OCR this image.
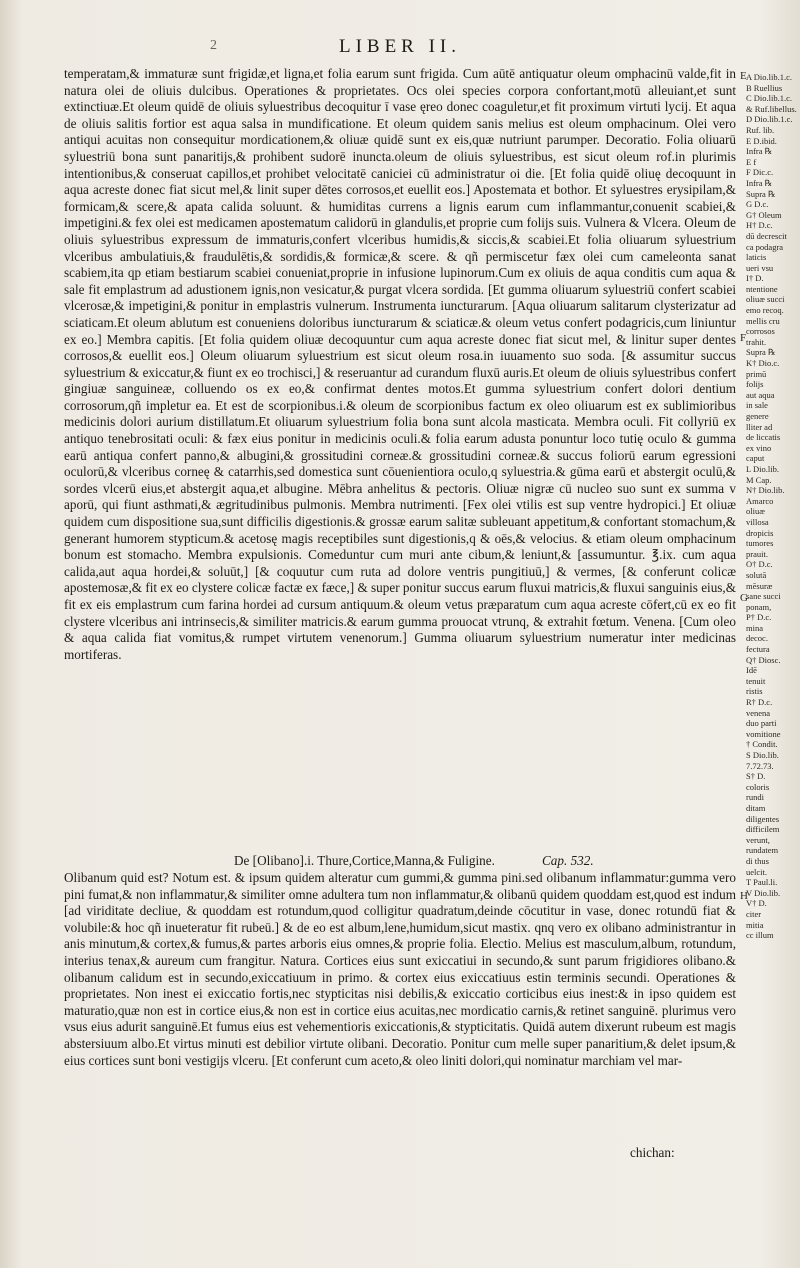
2	LIBER II.

temperatam,& immaturæ sunt frigidæ,et ligna,et folia earum sunt frigida. Cum aūtē antiquatur oleum omphacinū valde,fit in natura olei de oliuis dulcibus. Operationes & proprietates. Ocs olei species corpora confortant,motū alleuiant,et sunt extinctiuæ.Et oleum quidē de oliuis syluestribus decoquitur ī vase ęreo donec coaguletur,et fit proximum virtuti lycij. Et aqua de oliuis salitis fortior est aqua salsa in mundificatione. Et oleum quidem sanis melius est oleum omphacinum. Olei vero antiqui acuitas non consequitur mordicationem,& oliuæ quidē sunt ex eis,quæ nutriunt parumper. Decoratio. Folia oliuarū syluestriū bona sunt panaritijs,& prohibent sudorē inuncta.oleum de oliuis syluestribus, est sicut oleum rof.in plurimis intentionibus,& conseruat capillos,et prohibet velocitatē caniciei cū administratur oi die. [Et folia quidē oliuę decoquunt in aqua acreste donec fiat sicut mel,& linit super dētes corrosos,et euellit eos.] Apostemata et bothor. Et syluestres erysipilam,& formicam,& scere,& apata calida soluunt. & humiditas currens a lignis earum cum inflammantur,conuenit scabiei,& impetigini.& fex olei est medicamen apostematum calidorū in glandulis,et proprie cum folijs suis. Vulnera & Vlcera. Oleum de oliuis syluestribus expressum de immaturis,confert vlceribus humidis,& siccis,& scabiei.Et folia oliuarum syluestrium vlceribus ambulatiuis,& fraudulētis,& sordidis,& formicæ,& scere. & qñ permiscetur fæx olei cum cameleonta sanat scabiem,ita qp etiam bestiarum scabiei conueniat,proprie in infusione lupinorum.Cum ex oliuis de aqua conditis cum aqua & sale fit emplastrum ad adustionem ignis,non vesicatur,& purgat vlcera sordida. [Et gumma oliuarum syluestriū confert scabiei vlcerosæ,& impetigini,& ponitur in emplastris vulnerum. Instrumenta iuncturarum. [Aqua oliuarum salitarum clysterizatur ad sciaticam.Et oleum ablutum est conueniens doloribus iuncturarum & sciaticæ.& oleum vetus confert podagricis,cum liniuntur ex eo.] Membra capitis. [Et folia quidem oliuæ decoquuntur cum aqua acreste donec fiat sicut mel, & linitur super dentes corrosos,& euellit eos.] Oleum oliuarum syluestrium est sicut oleum rosa.in iuuamento suo soda. [& assumitur succus syluestrium & exiccatur,& fiunt ex eo trochisci,] & reseruantur ad curandum fluxū auris.Et oleum de oliuis syluestribus confert gingiuæ sanguineæ, colluendo os ex eo,& confirmat dentes motos.Et gumma syluestrium confert dolori dentium corrosorum,qñ impletur ea. Et est de scorpionibus.i.& oleum de scorpionibus factum ex oleo oliuarum est ex sublimioribus medicinis dolori aurium distillatum.Et oliuarum syluestrium folia bona sunt alcola masticata. Membra oculi. Fit collyriū ex antiquo tenebrositati oculi: & fæx eius ponitur in medicinis oculi.& folia earum adusta ponuntur loco tutię oculo & gumma earū antiqua confert panno,& albugini,& grossitudini corneæ.& grossitudini corneæ.& succus foliorū earum egressioni oculorū,& vlceribus corneę & catarrhis,sed domestica sunt cōuenientiora oculo,q syluestria.& gūma earū et abstergit oculū,& sordes vlcerū eius,et abstergit aqua,et albugine. Mēbra anhelitus & pectoris. Oliuæ nigræ cū nucleo suo sunt ex summa v aporū, qui fiunt asthmati,& ægritudinibus pulmonis. Membra nutrimenti. [Fex olei vtilis est sup ventre hydropici.] Et oliuæ quidem cum dispositione sua,sunt difficilis digestionis.& grossæ earum salitæ subleuant appetitum,& confortant stomachum,& generant humorem stypticum.& acetosę magis receptibiles sunt digestionis,q & oēs,& velocius. & etiam oleum omphacinum bonum est stomacho. Membra expulsionis. Comeduntur cum muri ante cibum,& leniunt,& [assumuntur. ℥.ix. cum aqua calida,aut aqua hordei,& soluūt,] [& coquutur cum ruta ad dolore ventris pungitiuū,] & vermes, [& conferunt colicæ apostemosæ,& fit ex eo clystere colicæ factæ ex fæce,] & super ponitur succus earum fluxui matricis,& fluxui sanguinis eius,& fit ex eis emplastrum cum farina hordei ad cursum antiquum.& oleum vetus præparatum cum aqua acreste cōfert,cū ex eo fit clystere vlceribus ani intrinsecis,& similiter matricis.& earum gumma prouocat vtrunq, & extrahit fœtum. Venena. [Cum oleo & aqua calida fiat vomitus,& rumpet virtutem venenorum.] Gumma oliuarum syluestrium numeratur inter medicinas mortiferas.

De [Olibano].i. Thure,Cortice,Manna,& Fuligine.	Cap. 532.

Olibanum quid est? Notum est. & ipsum quidem alteratur cum gummi,& gumma pini.sed olibanum inflammatur:gumma vero pini fumat,& non inflammatur,& similiter omne adultera tum non inflammatur,& olibanū quidem quoddam est,quod est indum [ad viriditate decliue, & quoddam est rotundum,quod colligitur quadratum,deinde cōcutitur in vase, donec rotundū fiat & volubile:& hoc qñ inueteratur fit rubeū.] & de eo est album,lene,humidum,sicut mastix. qnq vero ex olibano administrantur in anis minutum,& cortex,& fumus,& partes arboris eius omnes,& proprie folia. Electio. Melius est masculum,album, rotundum, interius tenax,& aureum cum frangitur. Natura. Cortices eius sunt exiccatiui in secundo,& sunt parum frigidiores olibano.& olibanum calidum est in secundo,exiccatiuum in primo. & cortex eius exiccatiuus estin terminis secundi. Operationes & proprietates. Non inest ei exiccatio fortis,nec stypticitas nisi debilis,& exiccatio corticibus eius inest:& in ipso quidem est maturatio,quæ non est in cortice eius,& non est in cortice eius acuitas,nec mordicatio carnis,& retinet sanguinē. plurimus vero vsus eius adurit sanguinē.Et fumus eius est vehementioris exiccationis,& stypticitatis. Quidā autem dixerunt rubeum est magis abstersiuum albo.Et virtus minuti est debilior virtute olibani. Decoratio. Ponitur cum melle super panaritium,& delet ipsum,& eius cortices sunt boni vestigijs vlceru. [Et conferunt cum aceto,& oleo liniti dolori,qui nominatur marchiam vel mar-

chichan:
E
F
G
H
A Dio.lib.1.c.
B Ruellius
C Dio.lib.1.c.
& Ruf.libellus.
D Dio.lib.1.c.
Ruf. lib.
E D.ibid.
Infra ℞
E f
F Dic.c.
Infra ℞
Supra ℞
G D.c.
G† Oleum
H† D.c.
dū decrescit
ca podagra
laticis
ueri vsu
I† D.
ntentione
oliuæ succi
emo recoq.
mellis cru
corrosos
trahit.
Supra ℞
K† Dio.c.
primū
folijs
aut aqua
in sale
genere
lliter ad
de liccatis
ex vino
caput
L Dio.lib.
M Cap.
N† Dio.lib.
Amarco
oliuæ
villosa
dropicis
tumores
prauit.
O† D.c.
solutā
mēsuræ
sane succi
ponam,
P† D.c.
mina
decoc.
fectura
Q† Diosc.
Idē
tenuit
ristis
R† D.c.
venena
duo parti
vomitione
† Condit.
S Dio.lib.
7.72.73.
S† D.
coloris
rundi
ditam
diligentes
difficilem
verunt,
rundatem
di thus
uelcit.
T Paul.li.
V Dio.lib.
V† D.
citer
mitia
cc illum
